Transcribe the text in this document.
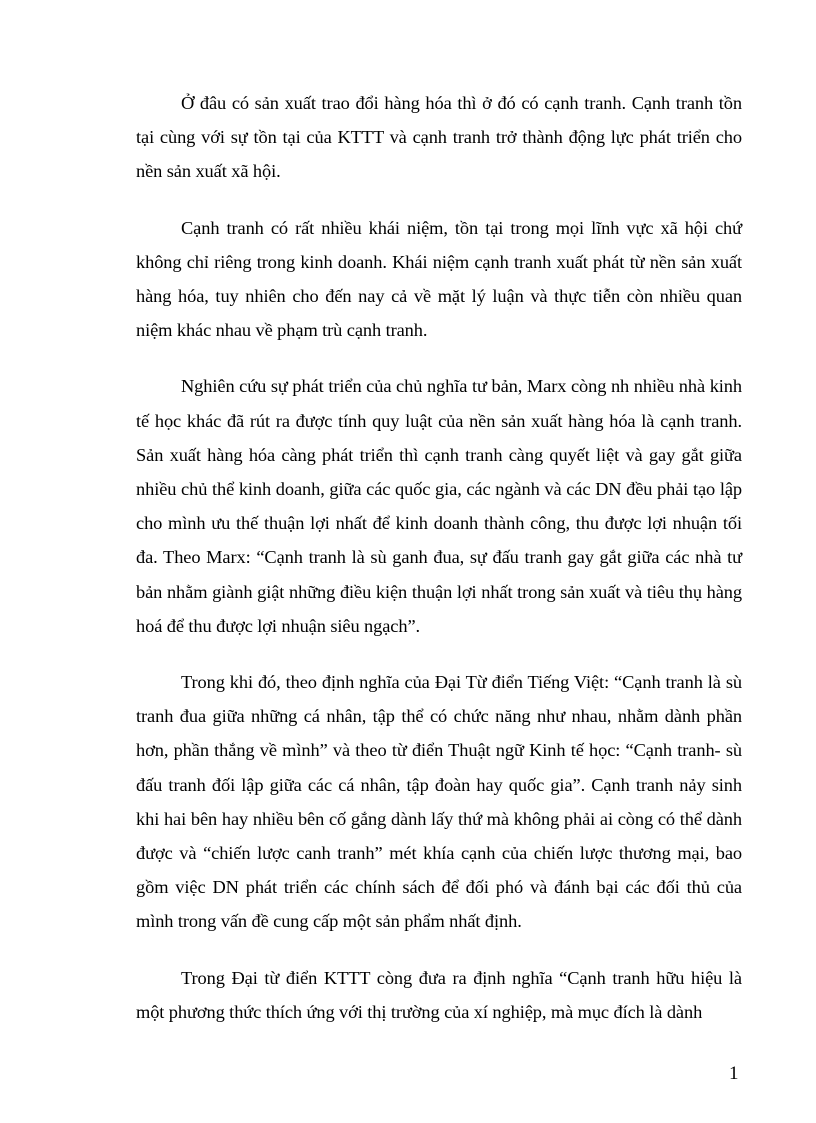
Ở đâu có sản xuất trao đổi hàng hóa thì ở đó có cạnh tranh. Cạnh tranh tồn tại cùng với sự tồn tại của KTTT và cạnh tranh trở thành động lực phát triển cho nền sản xuất xã hội.

Cạnh tranh có rất nhiều khái niệm, tồn tại trong mọi lĩnh vực xã hội chứ không chỉ riêng trong kinh doanh. Khái niệm cạnh tranh xuất phát từ nền sản xuất hàng hóa, tuy nhiên cho đến nay cả về mặt lý luận và thực tiễn còn nhiều quan niệm khác nhau về phạm trù cạnh tranh.

Nghiên cứu sự phát triển của chủ nghĩa tư bản, Marx còng nh nhiều nhà kinh tế học khác đã rút ra được tính quy luật của nền sản xuất hàng hóa là cạnh tranh. Sản xuất hàng hóa càng phát triển thì cạnh tranh càng quyết liệt và gay gắt giữa nhiều chủ thể kinh doanh, giữa các quốc gia, các ngành và các DN đều phải tạo lập cho mình ưu thế thuận lợi nhất để kinh doanh thành công, thu được lợi nhuận tối đa. Theo Marx: “Cạnh tranh là sù ganh đua, sự đấu tranh gay gắt giữa các nhà tư bản nhằm giành giật những điều kiện thuận lợi nhất trong sản xuất và tiêu thụ hàng hoá để thu được lợi nhuận siêu ngạch”.

Trong khi đó, theo định nghĩa của Đại Từ điển Tiếng Việt: “Cạnh tranh là sù tranh đua giữa những cá nhân, tập thể có chức năng như nhau, nhằm dành phần hơn, phần thắng về mình” và theo từ điển Thuật ngữ Kinh tế học: “Cạnh tranh- sù đấu tranh đối lập giữa các cá nhân, tập đoàn hay quốc gia”. Cạnh tranh nảy sinh khi hai bên hay nhiều bên cố gắng dành lấy thứ mà không phải ai còng có thể dành được và “chiến lược canh tranh” mét khía cạnh của chiến lược thương mại, bao gồm việc DN phát triển các chính sách để đối phó và đánh bại các đối thủ của mình trong vấn đề cung cấp một sản phẩm nhất định.

Trong Đại từ điển KTTT còng đưa ra định nghĩa “Cạnh tranh hữu hiệu là một phương thức thích ứng với thị trường của xí nghiệp, mà mục đích là dành

1
